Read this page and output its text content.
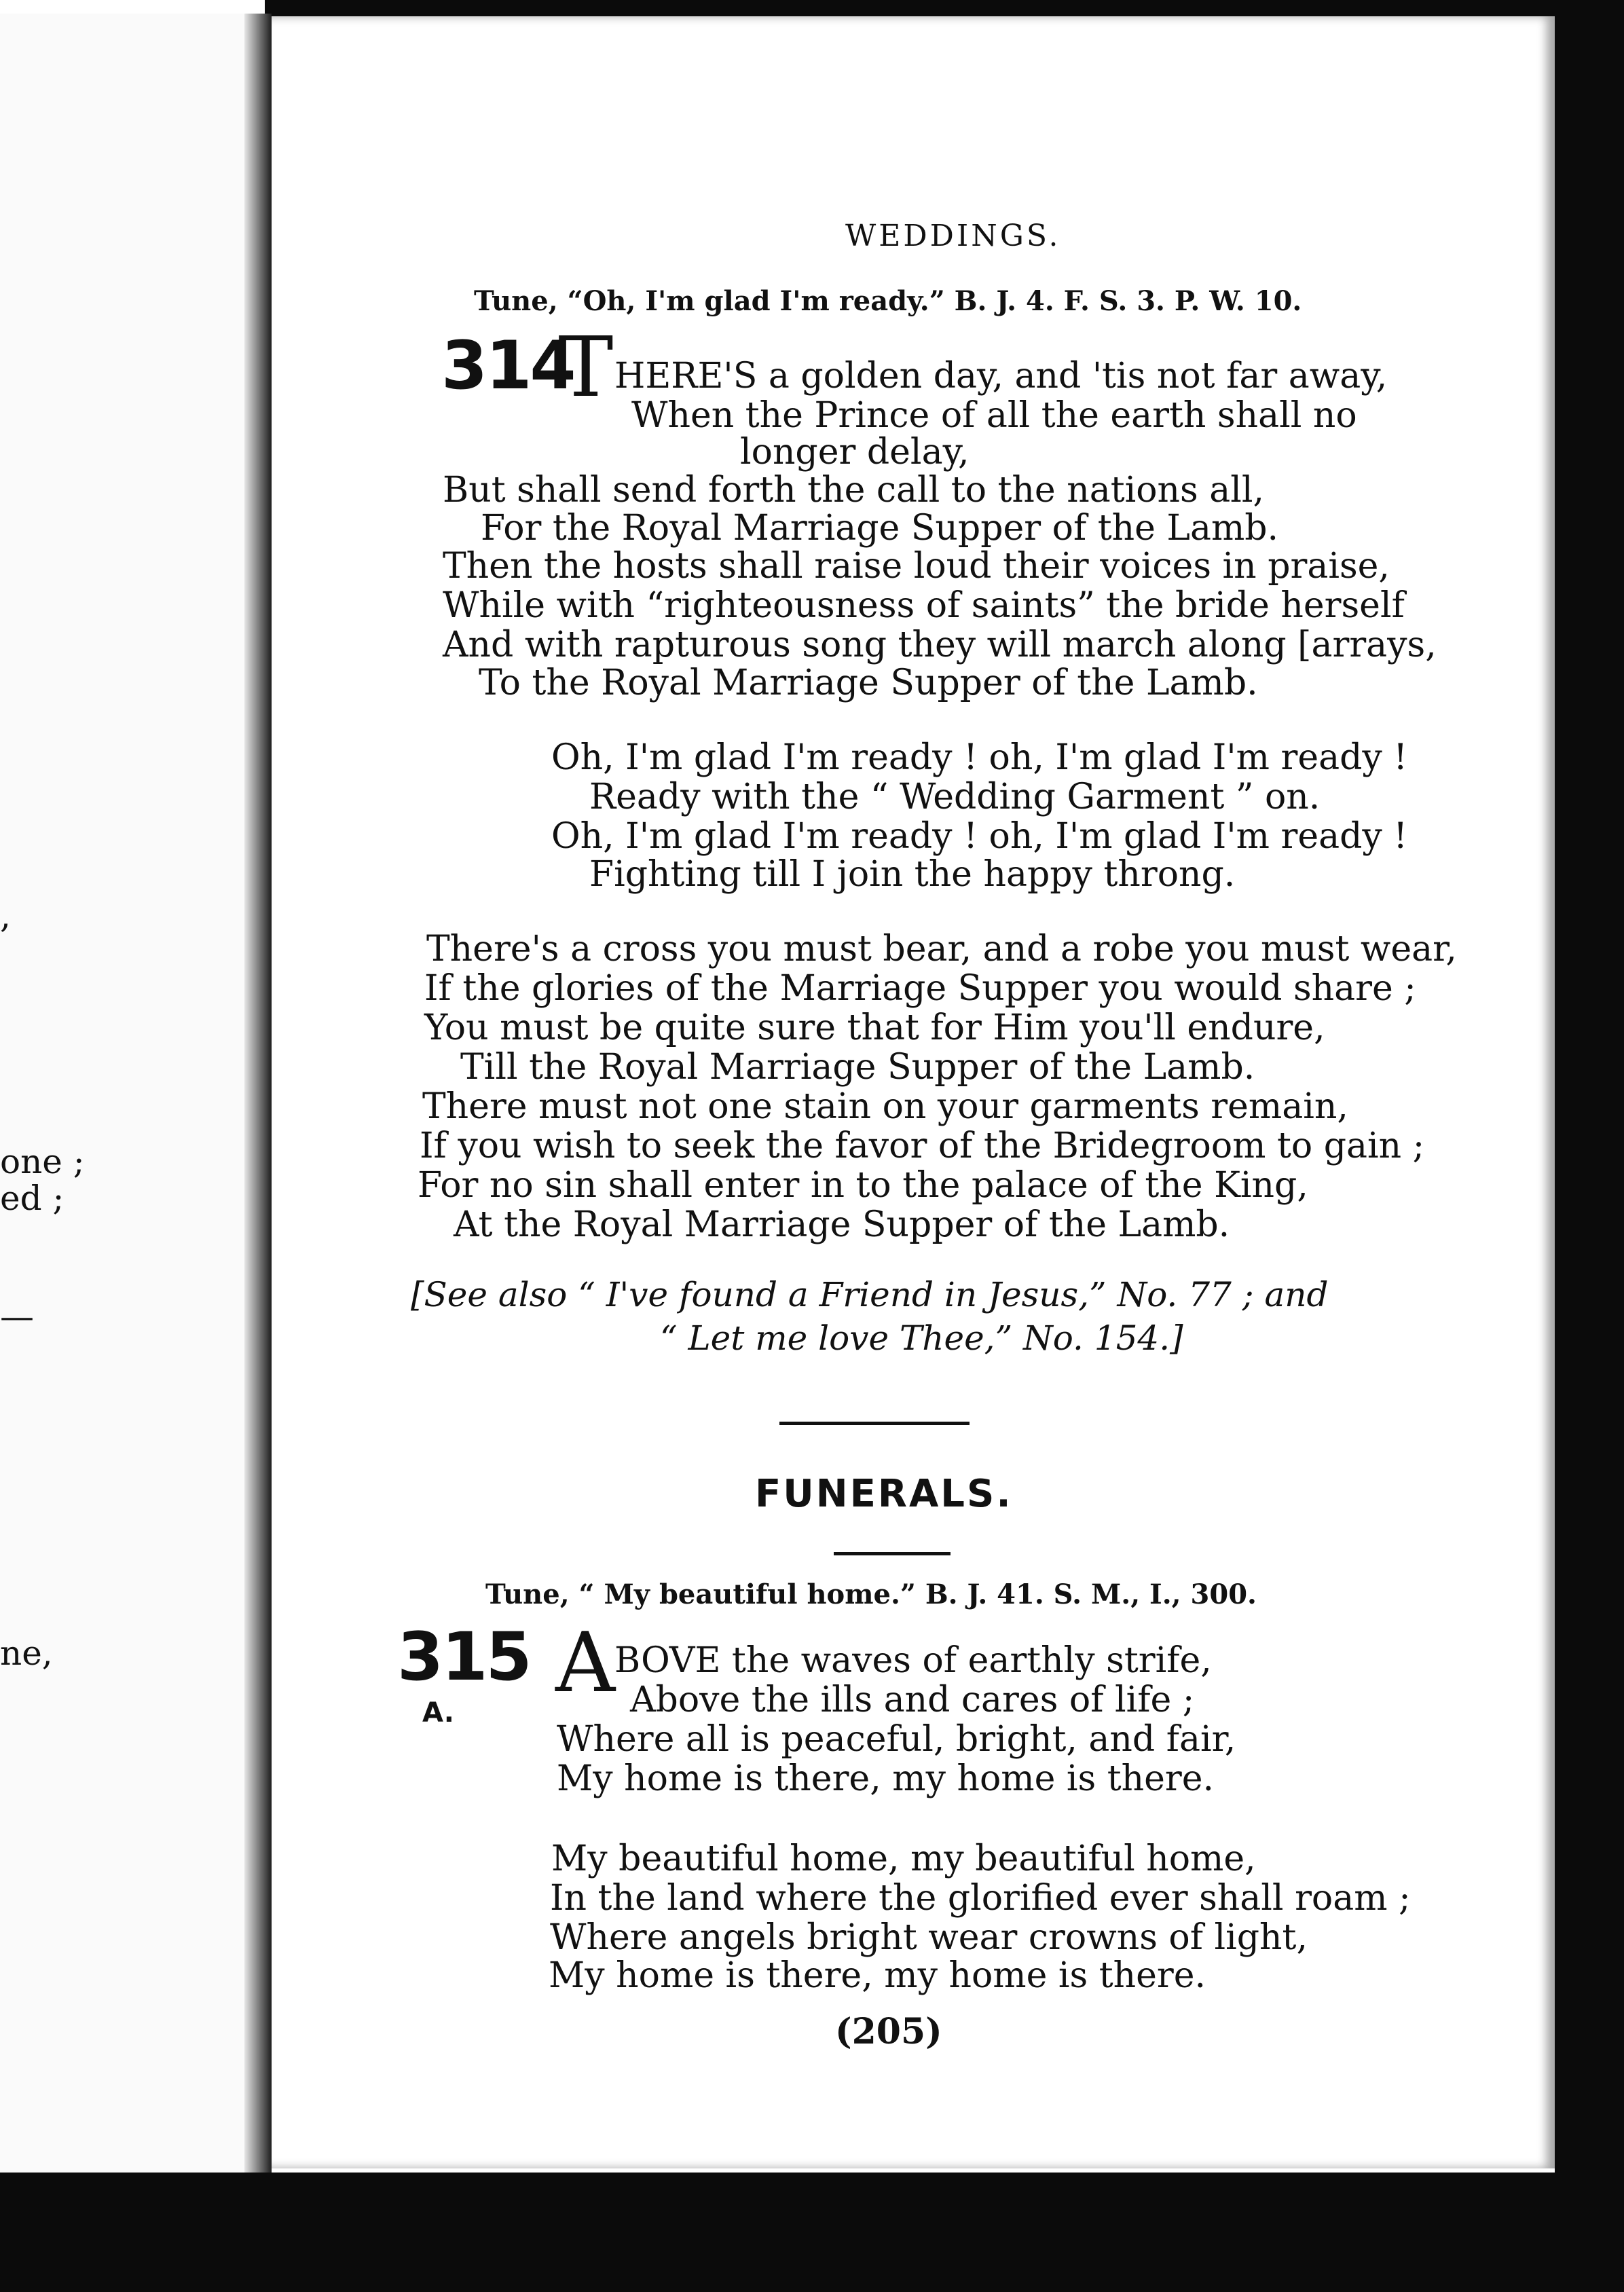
,
one ;
ed ;
—
ne,
WEDDINGS.
Tune, “Oh, I'm glad I'm ready.” B. J. 4. F. S. 3. P. W. 10.
314
T HERE'S a golden day, and 'tis not far away,
When the Prince of all the earth shall no
longer delay,
But shall send forth the call to the nations all,
For the Royal Marriage Supper of the Lamb.
Then the hosts shall raise loud their voices in praise,
While with “righteousness of saints” the bride herself
And with rapturous song they will march along [arrays,
To the Royal Marriage Supper of the Lamb.
Oh, I'm glad I'm ready ! oh, I'm glad I'm ready !
Ready with the “ Wedding Garment ” on.
Oh, I'm glad I'm ready ! oh, I'm glad I'm ready !
Fighting till I join the happy throng.
There's a cross you must bear, and a robe you must wear,
If the glories of the Marriage Supper you would share ;
You must be quite sure that for Him you'll endure,
Till the Royal Marriage Supper of the Lamb.
There must not one stain on your garments remain,
If you wish to seek the favor of the Bridegroom to gain ;
For no sin shall enter in to the palace of the King,
At the Royal Marriage Supper of the Lamb.
[See also “ I've found a Friend in Jesus,” No. 77 ; and
“ Let me love Thee,” No. 154.]
FUNERALS.
Tune, “ My beautiful home.” B. J. 41. S. M., I., 300.
315
A.
A
BOVE the waves of earthly strife,
Above the ills and cares of life ;
Where all is peaceful, bright, and fair,
My home is there, my home is there.
My beautiful home, my beautiful home,
In the land where the glorified ever shall roam ;
Where angels bright wear crowns of light,
My home is there, my home is there.
(205)
